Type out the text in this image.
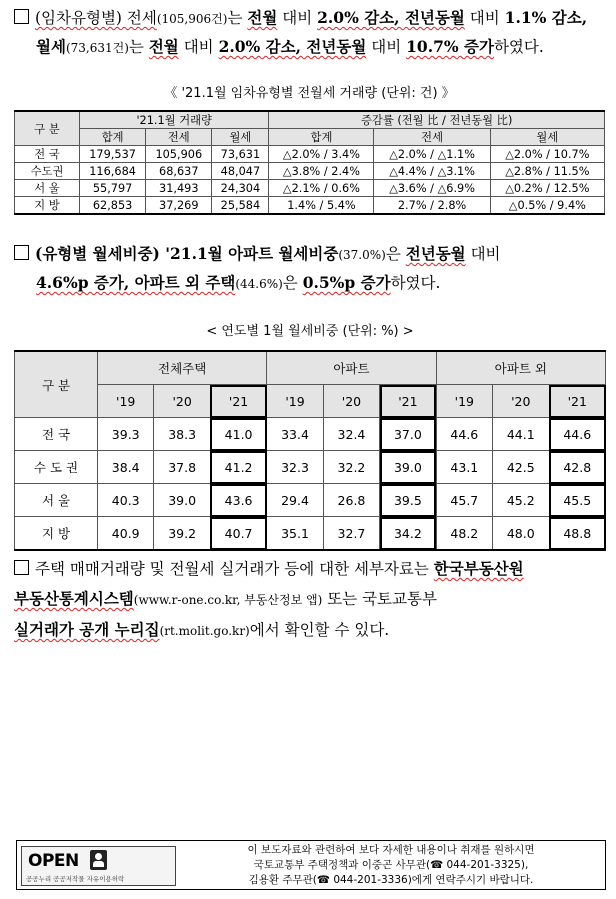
(임차유형별) 전세(105,906건)는 전월 대비 2.0% 감소, 전년동월 대비 1.1% 감소,
월세(73,631건)는 전월 대비 2.0% 감소, 전년동월 대비 10.7% 증가하였다.
《 '21.1월 임차유형별 전월세 거래량 (단위: 건) 》
구 분	'21.1월 거래량			증감률 (전월 比 / 전년동월 比)		
	합계	전세	월세	합계	전세	월세
전 국	179,537	105,906	73,631	△2.0% / 3.4%	△2.0% / △1.1%	△2.0% / 10.7%
수도권	116,684	68,637	48,047	△3.8% / 2.4%	△4.4% / △3.1%	△2.8% / 11.5%
서 울	55,797	31,493	24,304	△2.1% / 0.6%	△3.6% / △6.9%	△0.2% / 12.5%
지 방	62,853	37,269	25,584	1.4% / 5.4%	2.7% / 2.8%	△0.5% / 9.4%
(유형별 월세비중) '21.1월 아파트 월세비중(37.0%)은 전년동월 대비
4.6%p 증가, 아파트 외 주택(44.6%)은 0.5%p 증가하였다.
< 연도별 1월 월세비중 (단위: %) >
구 분	전체주택			아파트			아파트 외		
	'19	'20	'21	'19	'20	'21	'19	'20	'21
전 국	39.3	38.3	41.0	33.4	32.4	37.0	44.6	44.1	44.6
수 도 권	38.4	37.8	41.2	32.3	32.2	39.0	43.1	42.5	42.8
서 울	40.3	39.0	43.6	29.4	26.8	39.5	45.7	45.2	45.5
지 방	40.9	39.2	40.7	35.1	32.7	34.2	48.2	48.0	48.8
주택 매매거래량 및 전월세 실거래가 등에 대한 세부자료는 한국부동산원
부동산통계시스템(www.r-one.co.kr, 부동산정보 앱) 또는 국토교통부
실거래가 공개 누리집(rt.molit.go.kr)에서 확인할 수 있다.
OPEN
공공누리 공공저작물 자유이용허락
이 보도자료와 관련하여 보다 자세한 내용이나 취재를 원하시면
국토교통부 주택정책과 이중곤 사무관(☎ 044-201-3325),
김용환 주무관(☎ 044-201-3336)에게 연락주시기 바랍니다.
